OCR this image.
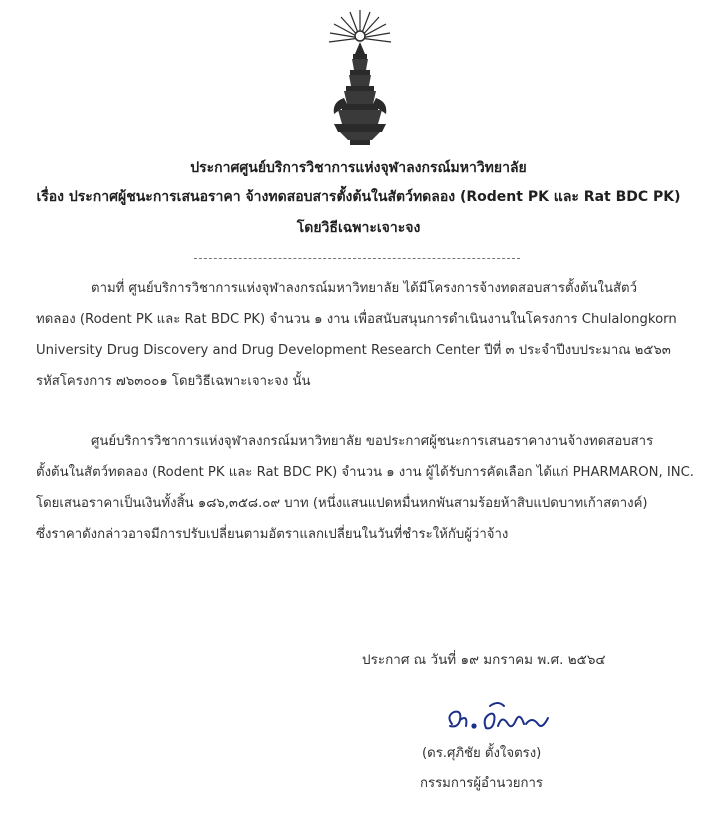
ประกาศศูนย์บริการวิชาการแห่งจุฬาลงกรณ์มหาวิทยาลัย
เรื่อง ประกาศผู้ชนะการเสนอราคา จ้างทดสอบสารตั้งต้นในสัตว์ทดลอง (Rodent PK และ Rat BDC PK)
โดยวิธีเฉพาะเจาะจง
ตามที่ ศูนย์บริการวิชาการแห่งจุฬาลงกรณ์มหาวิทยาลัย ได้มีโครงการจ้างทดสอบสารตั้งต้นในสัตว์
ทดลอง (Rodent PK และ Rat BDC PK) จำนวน ๑ งาน เพื่อสนับสนุนการดำเนินงานในโครงการ Chulalongkorn
University Drug Discovery and Drug Development Research Center ปีที่ ๓ ประจำปีงบประมาณ ๒๕๖๓
รหัสโครงการ ๗๖๓๐๐๑ โดยวิธีเฉพาะเจาะจง นั้น
ศูนย์บริการวิชาการแห่งจุฬาลงกรณ์มหาวิทยาลัย ขอประกาศผู้ชนะการเสนอราคางานจ้างทดสอบสาร
ตั้งต้นในสัตว์ทดลอง (Rodent PK และ Rat BDC PK) จำนวน ๑ งาน ผู้ได้รับการคัดเลือก ได้แก่ PHARMARON, INC.
โดยเสนอราคาเป็นเงินทั้งสิ้น ๑๘๖,๓๕๘.๐๙ บาท (หนึ่งแสนแปดหมื่นหกพันสามร้อยห้าสิบแปดบาทเก้าสตางค์)
ซึ่งราคาดังกล่าวอาจมีการปรับเปลี่ยนตามอัตราแลกเปลี่ยนในวันที่ชำระให้กับผู้ว่าจ้าง
ประกาศ ณ วันที่ ๑๙ มกราคม พ.ศ. ๒๕๖๔
(ดร.ศุภิชัย ตั้งใจตรง)
กรรมการผู้อำนวยการ
